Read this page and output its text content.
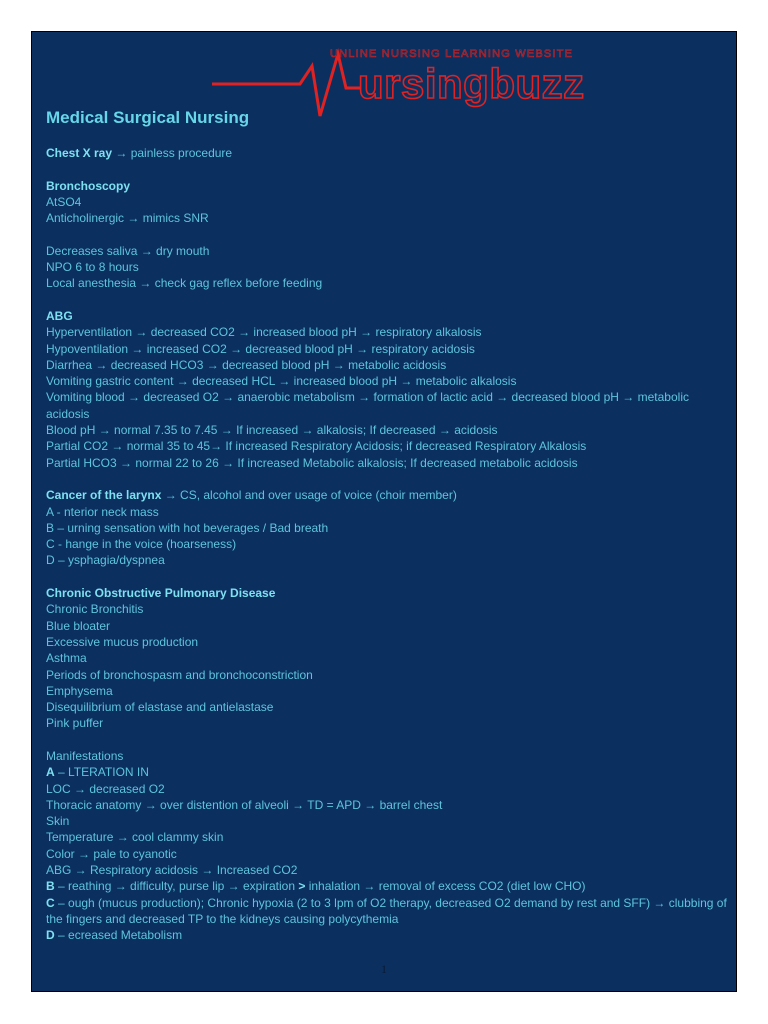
UNLINE NURSING LEARNING WEBSITE
ursingbuzz
Medical Surgical Nursing
Chest X ray → painless procedure
Bronchoscopy
AtSO4
Anticholinergic → mimics SNR
Decreases saliva → dry mouth
NPO 6 to 8 hours
Local anesthesia → check gag reflex before feeding
ABG
Hyperventilation → decreased CO2 → increased blood pH → respiratory alkalosis
Hypoventilation → increased CO2 → decreased blood pH → respiratory acidosis
Diarrhea → decreased HCO3 → decreased blood pH → metabolic acidosis
Vomiting gastric content → decreased HCL → increased blood pH → metabolic alkalosis
Vomiting blood → decreased O2 → anaerobic metabolism → formation of lactic acid → decreased blood pH → metabolic acidosis
Blood pH → normal 7.35 to 7.45 → If increased → alkalosis; If decreased → acidosis
Partial CO2 → normal 35 to 45→ If increased Respiratory Acidosis; if decreased Respiratory Alkalosis
Partial HCO3 → normal 22 to 26 → If increased Metabolic alkalosis; If decreased metabolic acidosis
Cancer of the larynx → CS, alcohol and over usage of voice (choir member)
A - nterior neck mass
B – urning sensation with hot beverages / Bad breath
C - hange in the voice (hoarseness)
D – ysphagia/dyspnea
Chronic Obstructive Pulmonary Disease
Chronic Bronchitis
Blue bloater
Excessive mucus production
Asthma
Periods of bronchospasm and bronchoconstriction
Emphysema
Disequilibrium of elastase and antielastase
Pink puffer
Manifestations
A – LTERATION IN
LOC → decreased O2
Thoracic anatomy → over distention of alveoli → TD = APD → barrel chest
Skin
Temperature → cool clammy skin
Color → pale to cyanotic
ABG → Respiratory acidosis → Increased CO2
B – reathing → difficulty, purse lip → expiration > inhalation → removal of excess CO2 (diet low CHO)
C – ough (mucus production); Chronic hypoxia (2 to 3 lpm of O2 therapy, decreased O2 demand by rest and SFF) → clubbing of the fingers and decreased TP to the kidneys causing polycythemia
D – ecreased Metabolism
1
